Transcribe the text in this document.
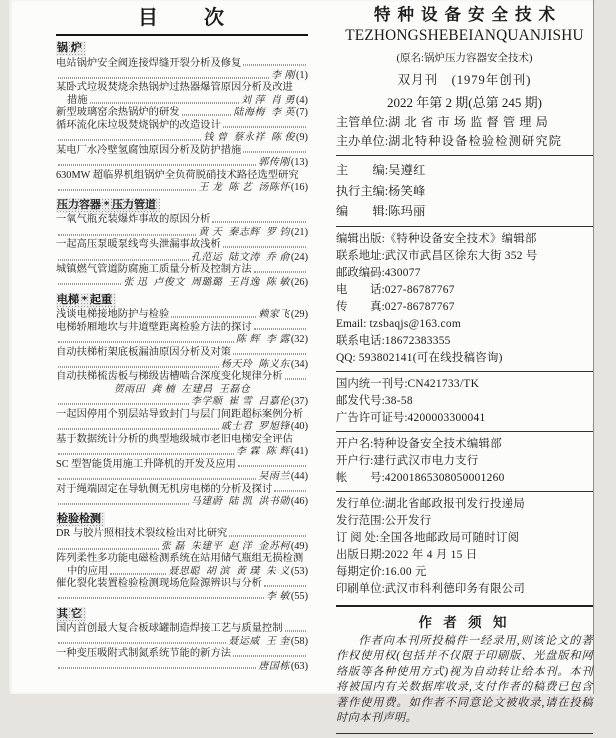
目　　次
锅 炉
电站锅炉安全阀连接焊缝开裂分析及修复
李 刚 (1)
某卧式垃圾焚烧余热锅炉过热器爆管原因分析及改进
措施	刘 萍  肖 勇 (4)
新型玻璃窑余热锅炉的研发	陆海梅  李 英 (7)
循环流化床垃圾焚烧锅炉的改造设计
钱 曾  蔡永祥  陈 俊 (9)
某电厂水冷壁氢腐蚀原因分析及防护措施
郭传刚 (13)
630MW 超临界机组锅炉全负荷脱硝技术路径选型研究
王 龙  陈 艺  汤陈怀 (16)
压力容器 * 压力管道
一氧气瓶充装爆炸事故的原因分析
黄 天  秦志辉  罗 钧 (21)
一起高压泵暖泵线弯头泄漏事故浅析
孔范运  陆文涛  乔 俞 (24)
城镇燃气管道防腐施工质量分析及控制方法
张 迅  卢俊文  周璐璐  王肖逸  陈 敏 (26)
电梯 * 起重
浅谈电梯接地防护与检验	赖家飞 (29)
电梯轿厢地坎与井道壁距离检验方法的探讨
陈 辉  李 露 (32)
自动扶梯桁架底板漏油原因分析及对策
杨天玲  陈义东 (34)
自动扶梯梳齿板与梯级齿槽啮合深度变化规律分析
贺雨田  龚 楠  左建昌  王磊仓
李学顺  崔 雪  吕嘉伦 (37)
一起因停用个别层站导致封门与层门间距超标案例分析
戚士君  罗旭锋 (40)
基于数据统计分析的典型地级城市老旧电梯安全评估
李 霖  陈 辉 (41)
SC 型智能货用施工升降机的开发及应用
吴雨兰 (44)
对于绳端固定在导轨侧无机房电梯的分析及探讨
马建蔚  陆 凯  洪书勋 (46)
检验检测
DR 与胶片照相技术裂纹检出对比研究
张 磊  朱建平  赵 洋  金苏柯 (49)
阵列柔性多功能电磁检测系统在站用储气瓶组无损检测
中的应用	聂思聪  胡 滨  黄 璞  朱 义 (53)
催化裂化装置检验检测现场危险源辨识与分析
李 敏 (55)
其 它
国内首创最大复合板球罐制造焊接工艺与质量控制
聂运威  王 奎 (58)
一种变压吸附式制氮系统节能的新方法
唐国栋 (63)
特种设备安全技术
TEZHONGSHEBEIANQUANJISHU
(原名:锅炉压力容器安全技术)
双月刊　(1979年创刊)
2022 年第 2 期(总第 245 期)
主管单位: 湖北省市场监督管理局
主办单位: 湖北特种设备检验检测研究院
主　　编: 吴遵红
执行主编: 杨笑峰
编　　辑: 陈玛丽
编辑出版: 《特种设备安全技术》编辑部
联系地址: 武汉市武昌区徐东大街 352 号
邮政编码: 430077
电　　话: 027-86787767
传　　真: 027-86787767
Email: tzsbaqjs@163.com
联系电话: 18672383355
QQ: 593802141(可在线投稿咨询)
国内统一刊号: CN421733/TK
邮发代号: 38-58
广告许可证号: 4200003300041
开户名: 特种设备安全技术编辑部
开户行: 建行武汉市电力支行
帐　　号: 42001865308050001260
发行单位: 湖北省邮政报刊发行投递局
发行范围: 公开发行
订 阅 处: 全国各地邮政局可随时订阅
出版日期: 2022 年 4 月 15 日
每期定价: 16.00 元
印刷单位: 武汉市科利德印务有限公司
作 者 须 知
作者向本刊所投稿件一经录用,则该论文的著作权使用权(包括并不仅限于印刷版、光盘版和网络版等各种使用方式)视为自动转让给本刊。本刊将被国内有关数据库收录,支付作者的稿费已包含著作使用费。如作者不同意论文被收录,请在投稿时向本刊声明。
